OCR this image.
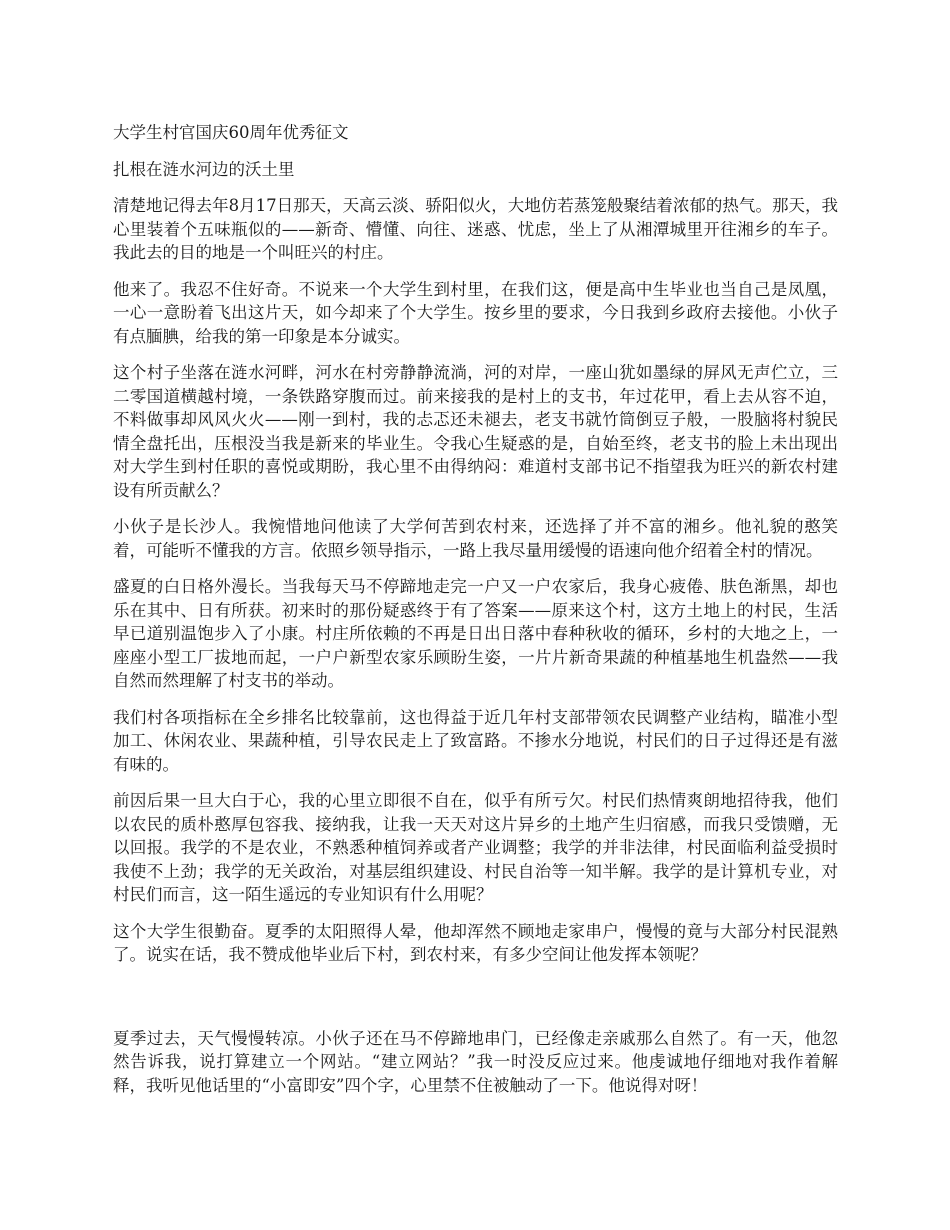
大学生村官国庆60周年优秀征文

扎根在涟水河边的沃土里

清楚地记得去年8月17日那天，天高云淡、骄阳似火，大地仿若蒸笼般聚结着浓郁的热气。那天，我心里装着个五味瓶似的——新奇、懵懂、向往、迷惑、忧虑，坐上了从湘潭城里开往湘乡的车子。我此去的目的地是一个叫旺兴的村庄。

他来了。我忍不住好奇。不说来一个大学生到村里，在我们这，便是高中生毕业也当自己是凤凰，一心一意盼着飞出这片天，如今却来了个大学生。按乡里的要求，今日我到乡政府去接他。小伙子有点腼腆，给我的第一印象是本分诚实。

这个村子坐落在涟水河畔，河水在村旁静静流淌，河的对岸，一座山犹如墨绿的屏风无声伫立，三二零国道横越村境，一条铁路穿腹而过。前来接我的是村上的支书，年过花甲，看上去从容不迫，不料做事却风风火火——刚一到村，我的忐忑还未褪去，老支书就竹筒倒豆子般，一股脑将村貌民情全盘托出，压根没当我是新来的毕业生。令我心生疑惑的是，自始至终，老支书的脸上未出现出对大学生到村任职的喜悦或期盼，我心里不由得纳闷：难道村支部书记不指望我为旺兴的新农村建设有所贡献么？

小伙子是长沙人。我惋惜地问他读了大学何苦到农村来，还选择了并不富的湘乡。他礼貌的憨笑着，可能听不懂我的方言。依照乡领导指示，一路上我尽量用缓慢的语速向他介绍着全村的情况。

盛夏的白日格外漫长。当我每天马不停蹄地走完一户又一户农家后，我身心疲倦、肤色渐黑，却也乐在其中、日有所获。初来时的那份疑惑终于有了答案——原来这个村，这方土地上的村民，生活早已道别温饱步入了小康。村庄所依赖的不再是日出日落中春种秋收的循环，乡村的大地之上，一座座小型工厂拔地而起，一户户新型农家乐顾盼生姿，一片片新奇果蔬的种植基地生机盎然——我自然而然理解了村支书的举动。

我们村各项指标在全乡排名比较靠前，这也得益于近几年村支部带领农民调整产业结构，瞄准小型加工、休闲农业、果蔬种植，引导农民走上了致富路。不掺水分地说，村民们的日子过得还是有滋有味的。

前因后果一旦大白于心，我的心里立即很不自在，似乎有所亏欠。村民们热情爽朗地招待我，他们以农民的质朴憨厚包容我、接纳我，让我一天天对这片异乡的土地产生归宿感，而我只受馈赠，无以回报。我学的不是农业，不熟悉种植饲养或者产业调整；我学的并非法律，村民面临利益受损时我使不上劲；我学的无关政治，对基层组织建设、村民自治等一知半解。我学的是计算机专业，对村民们而言，这一陌生遥远的专业知识有什么用呢？

这个大学生很勤奋。夏季的太阳照得人晕，他却浑然不顾地走家串户，慢慢的竟与大部分村民混熟了。说实在话，我不赞成他毕业后下村，到农村来，有多少空间让他发挥本领呢？

夏季过去，天气慢慢转凉。小伙子还在马不停蹄地串门，已经像走亲戚那么自然了。有一天，他忽然告诉我，说打算建立一个网站。“建立网站？”我一时没反应过来。他虔诚地仔细地对我作着解释，我听见他话里的“小富即安”四个字，心里禁不住被触动了一下。他说得对呀！
